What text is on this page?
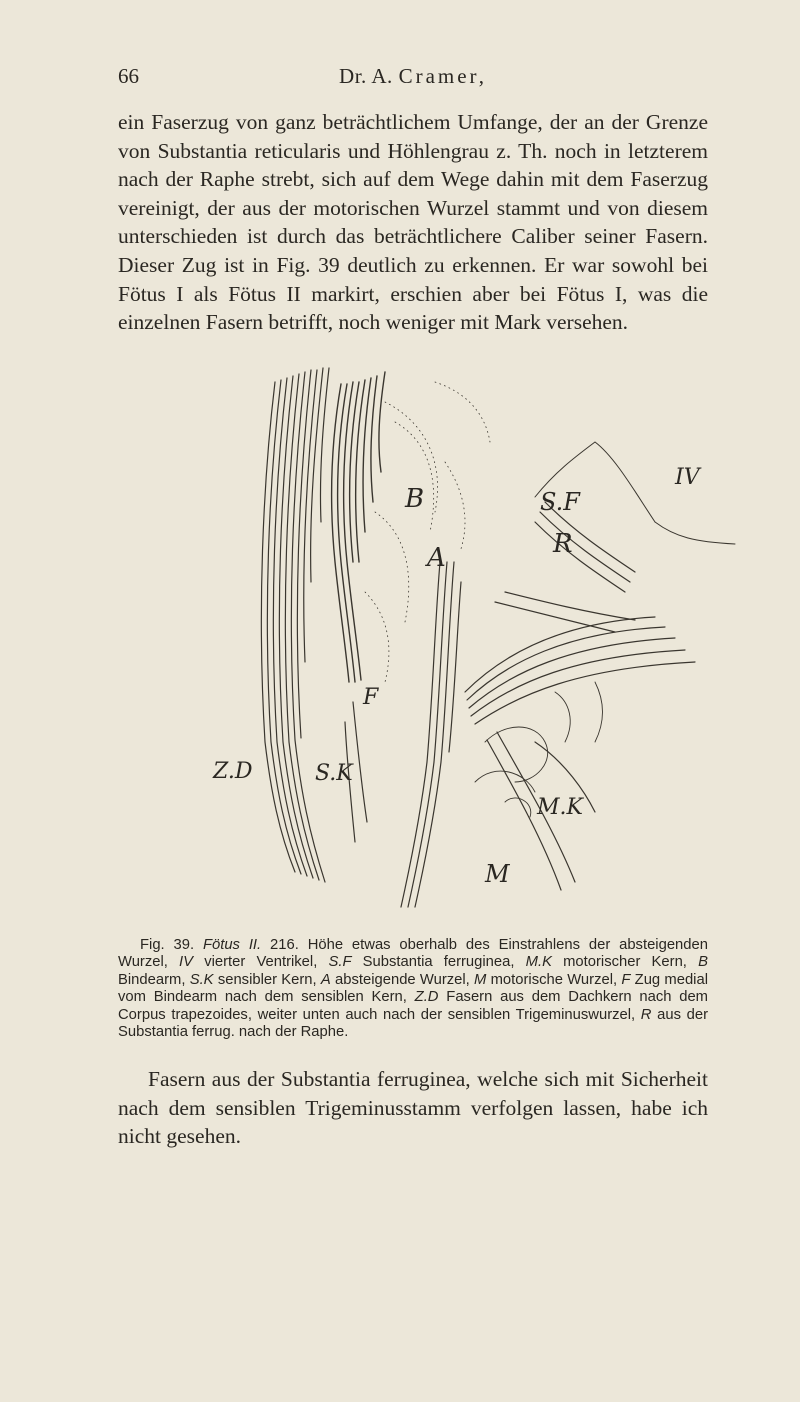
66	Dr. A. Cramer,
ein Faserzug von ganz beträchtlichem Umfange, der an der Grenze von Substantia reticularis und Höhlengrau z. Th. noch in letzterem nach der Raphe strebt, sich auf dem Wege dahin mit dem Faserzug vereinigt, der aus der motorischen Wurzel stammt und von diesem unterschieden ist durch das beträchtlichere Caliber seiner Fasern. Dieser Zug ist in Fig. 39 deutlich zu erkennen. Er war sowohl bei Fötus I als Fötus II markirt, erschien aber bei Fötus I, was die einzelnen Fasern betrifft, noch weniger mit Mark versehen.
B	S.F
IV
R
A
F
Z.D	S.K
M.K
M
Fig. 39. Fötus II. 216. Höhe etwas oberhalb des Einstrahlens der absteigenden Wurzel, IV vierter Ventrikel, S.F Substantia ferruginea, M.K motorischer Kern, B Bindearm, S.K sensibler Kern, A absteigende Wurzel, M motorische Wurzel, F Zug medial vom Bindearm nach dem sensiblen Kern, Z.D Fasern aus dem Dachkern nach dem Corpus trapezoides, weiter unten auch nach der sensiblen Trigeminuswurzel, R aus der Substantia ferrug. nach der Raphe.
Fasern aus der Substantia ferruginea, welche sich mit Sicherheit nach dem sensiblen Trigeminusstamm verfolgen lassen, habe ich nicht gesehen.
